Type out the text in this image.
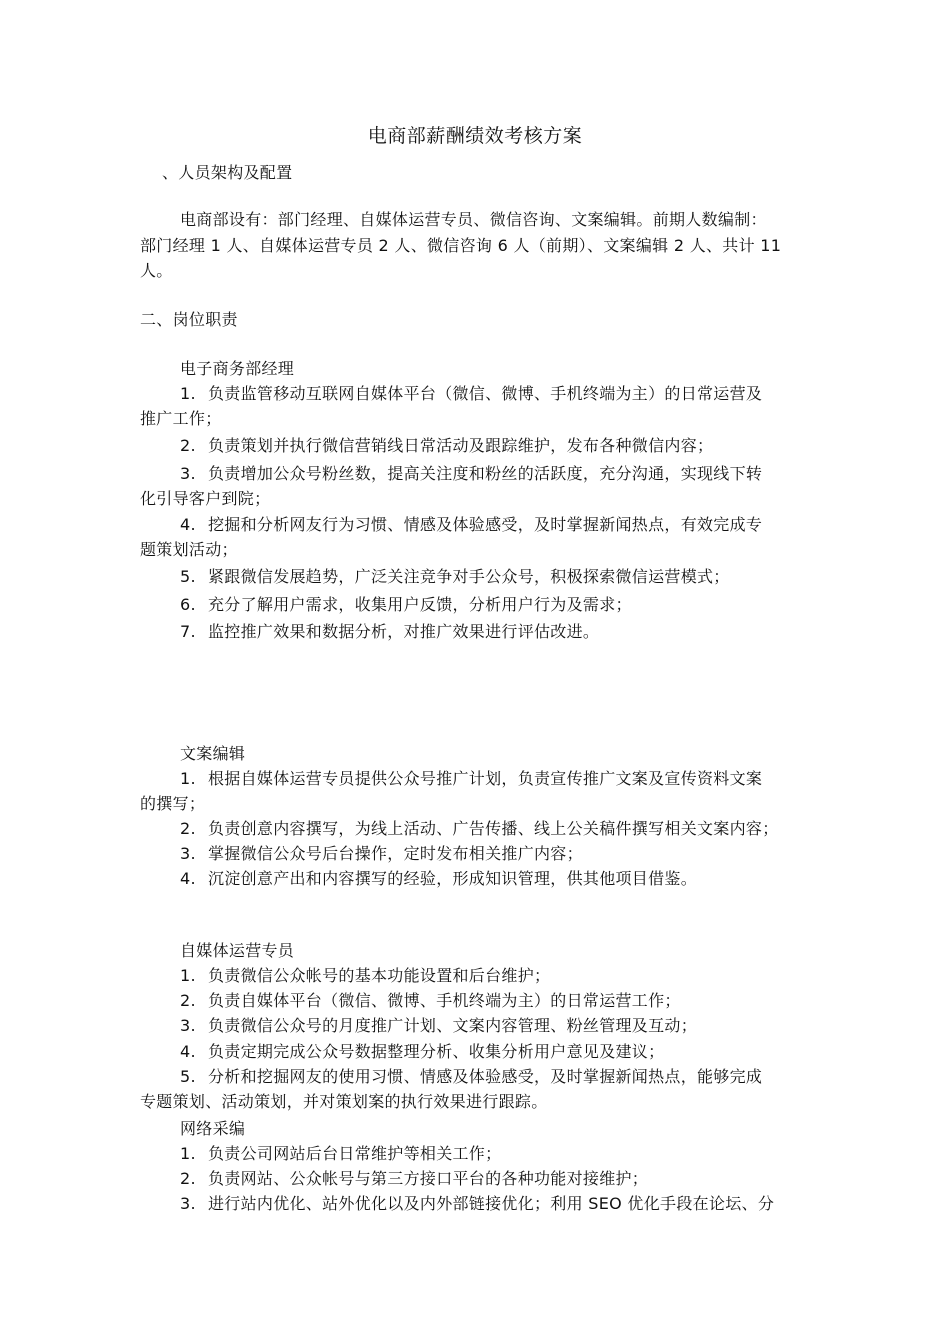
电商部薪酬绩效考核方案
、人员架构及配置
电商部设有：部门经理、自媒体运营专员、微信咨询、文案编辑。前期人数编制：
部门经理 1 人、自媒体运营专员 2 人、微信咨询 6 人（前期）、文案编辑 2 人、共计 11
人。
二、岗位职责
电子商务部经理
1. 负责监管移动互联网自媒体平台（微信、微博、手机终端为主）的日常运营及
推广工作；
2. 负责策划并执行微信营销线日常活动及跟踪维护，发布各种微信内容；
3. 负责增加公众号粉丝数，提高关注度和粉丝的活跃度，充分沟通，实现线下转
化引导客户到院；
4. 挖掘和分析网友行为习惯、情感及体验感受，及时掌握新闻热点，有效完成专
题策划活动；
5. 紧跟微信发展趋势，广泛关注竞争对手公众号，积极探索微信运营模式；
6. 充分了解用户需求，收集用户反馈，分析用户行为及需求；
7. 监控推广效果和数据分析，对推广效果进行评估改进。
文案编辑
1. 根据自媒体运营专员提供公众号推广计划，负责宣传推广文案及宣传资料文案
的撰写；
2. 负责创意内容撰写，为线上活动、广告传播、线上公关稿件撰写相关文案内容；
3. 掌握微信公众号后台操作，定时发布相关推广内容；
4. 沉淀创意产出和内容撰写的经验，形成知识管理，供其他项目借鉴。
自媒体运营专员
1. 负责微信公众帐号的基本功能设置和后台维护；
2. 负责自媒体平台（微信、微博、手机终端为主）的日常运营工作；
3. 负责微信公众号的月度推广计划、文案内容管理、粉丝管理及互动；
4. 负责定期完成公众号数据整理分析、收集分析用户意见及建议；
5. 分析和挖掘网友的使用习惯、情感及体验感受，及时掌握新闻热点，能够完成
专题策划、活动策划，并对策划案的执行效果进行跟踪。
网络采编
1. 负责公司网站后台日常维护等相关工作；
2. 负责网站、公众帐号与第三方接口平台的各种功能对接维护；
3. 进行站内优化、站外优化以及内外部链接优化；利用 SEO 优化手段在论坛、分
